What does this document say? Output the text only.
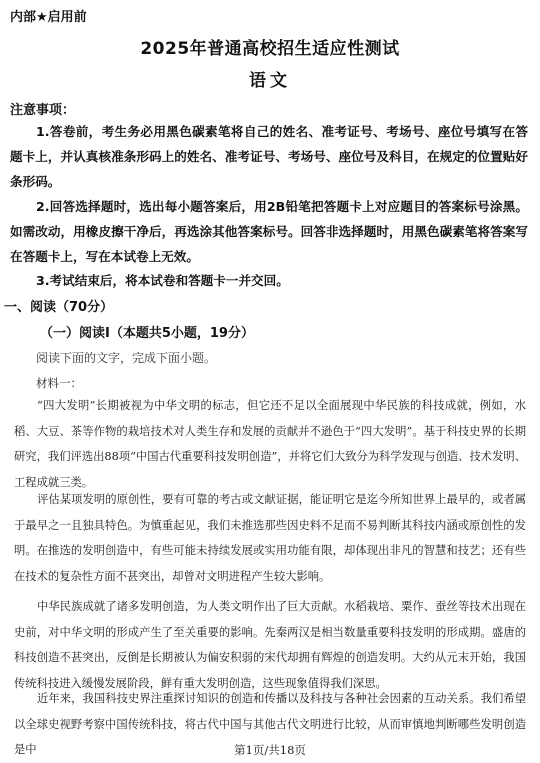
内部★启用前
2025年普通高校招生适应性测试
语文
注意事项：

1.答卷前，考生务必用黑色碳素笔将自己的姓名、准考证号、考场号、座位号填写在答题卡上，并认真核准条形码上的姓名、准考证号、考场号、座位号及科目，在规定的位置贴好条形码。

2.回答选择题时，选出每小题答案后，用2B铅笔把答题卡上对应题目的答案标号涂黑。如需改动，用橡皮擦干净后，再选涂其他答案标号。回答非选择题时，用黑色碳素笔将答案写在答题卡上，写在本试卷上无效。

3.考试结束后，将本试卷和答题卡一并交回。

一、阅读（70分）
（一）阅读Ⅰ（本题共5小题，19分）
阅读下面的文字，完成下面小题。
材料一：

“四大发明”长期被视为中华文明的标志，但它还不足以全面展现中华民族的科技成就，例如，水稻、大豆、茶等作物的栽培技术对人类生存和发展的贡献并不逊色于“四大发明”。基于科技史界的长期研究，我们评选出88项“中国古代重要科技发明创造”，并将它们大致分为科学发现与创造、技术发明、工程成就三类。

评估某项发明的原创性，要有可靠的考古或文献证据，能证明它是迄今所知世界上最早的，或者属于最早之一且独具特色。为慎重起见，我们未推选那些因史料不足而不易判断其科技内涵或原创性的发明。在推选的发明创造中，有些可能未持续发展或实用功能有限，却体现出非凡的智慧和技艺；还有些在技术的复杂性方面不甚突出，却曾对文明进程产生较大影响。

中华民族成就了诸多发明创造，为人类文明作出了巨大贡献。水稻栽培、粟作、蚕丝等技术出现在史前，对中华文明的形成产生了至关重要的影响。先秦两汉是相当数量重要科技发明的形成期。盛唐的科技创造不甚突出，反倒是长期被认为偏安积弱的宋代却拥有辉煌的创造发明。大约从元末开始，我国传统科技进入缓慢发展阶段，鲜有重大发明创造，这些现象值得我们深思。

近年来，我国科技史界注重探讨知识的创造和传播以及科技与各种社会因素的互动关系。我们希望以全球史视野考察中国传统科技，将古代中国与其他古代文明进行比较，从而审慎地判断哪些发明创造是中	第1页/共18页
